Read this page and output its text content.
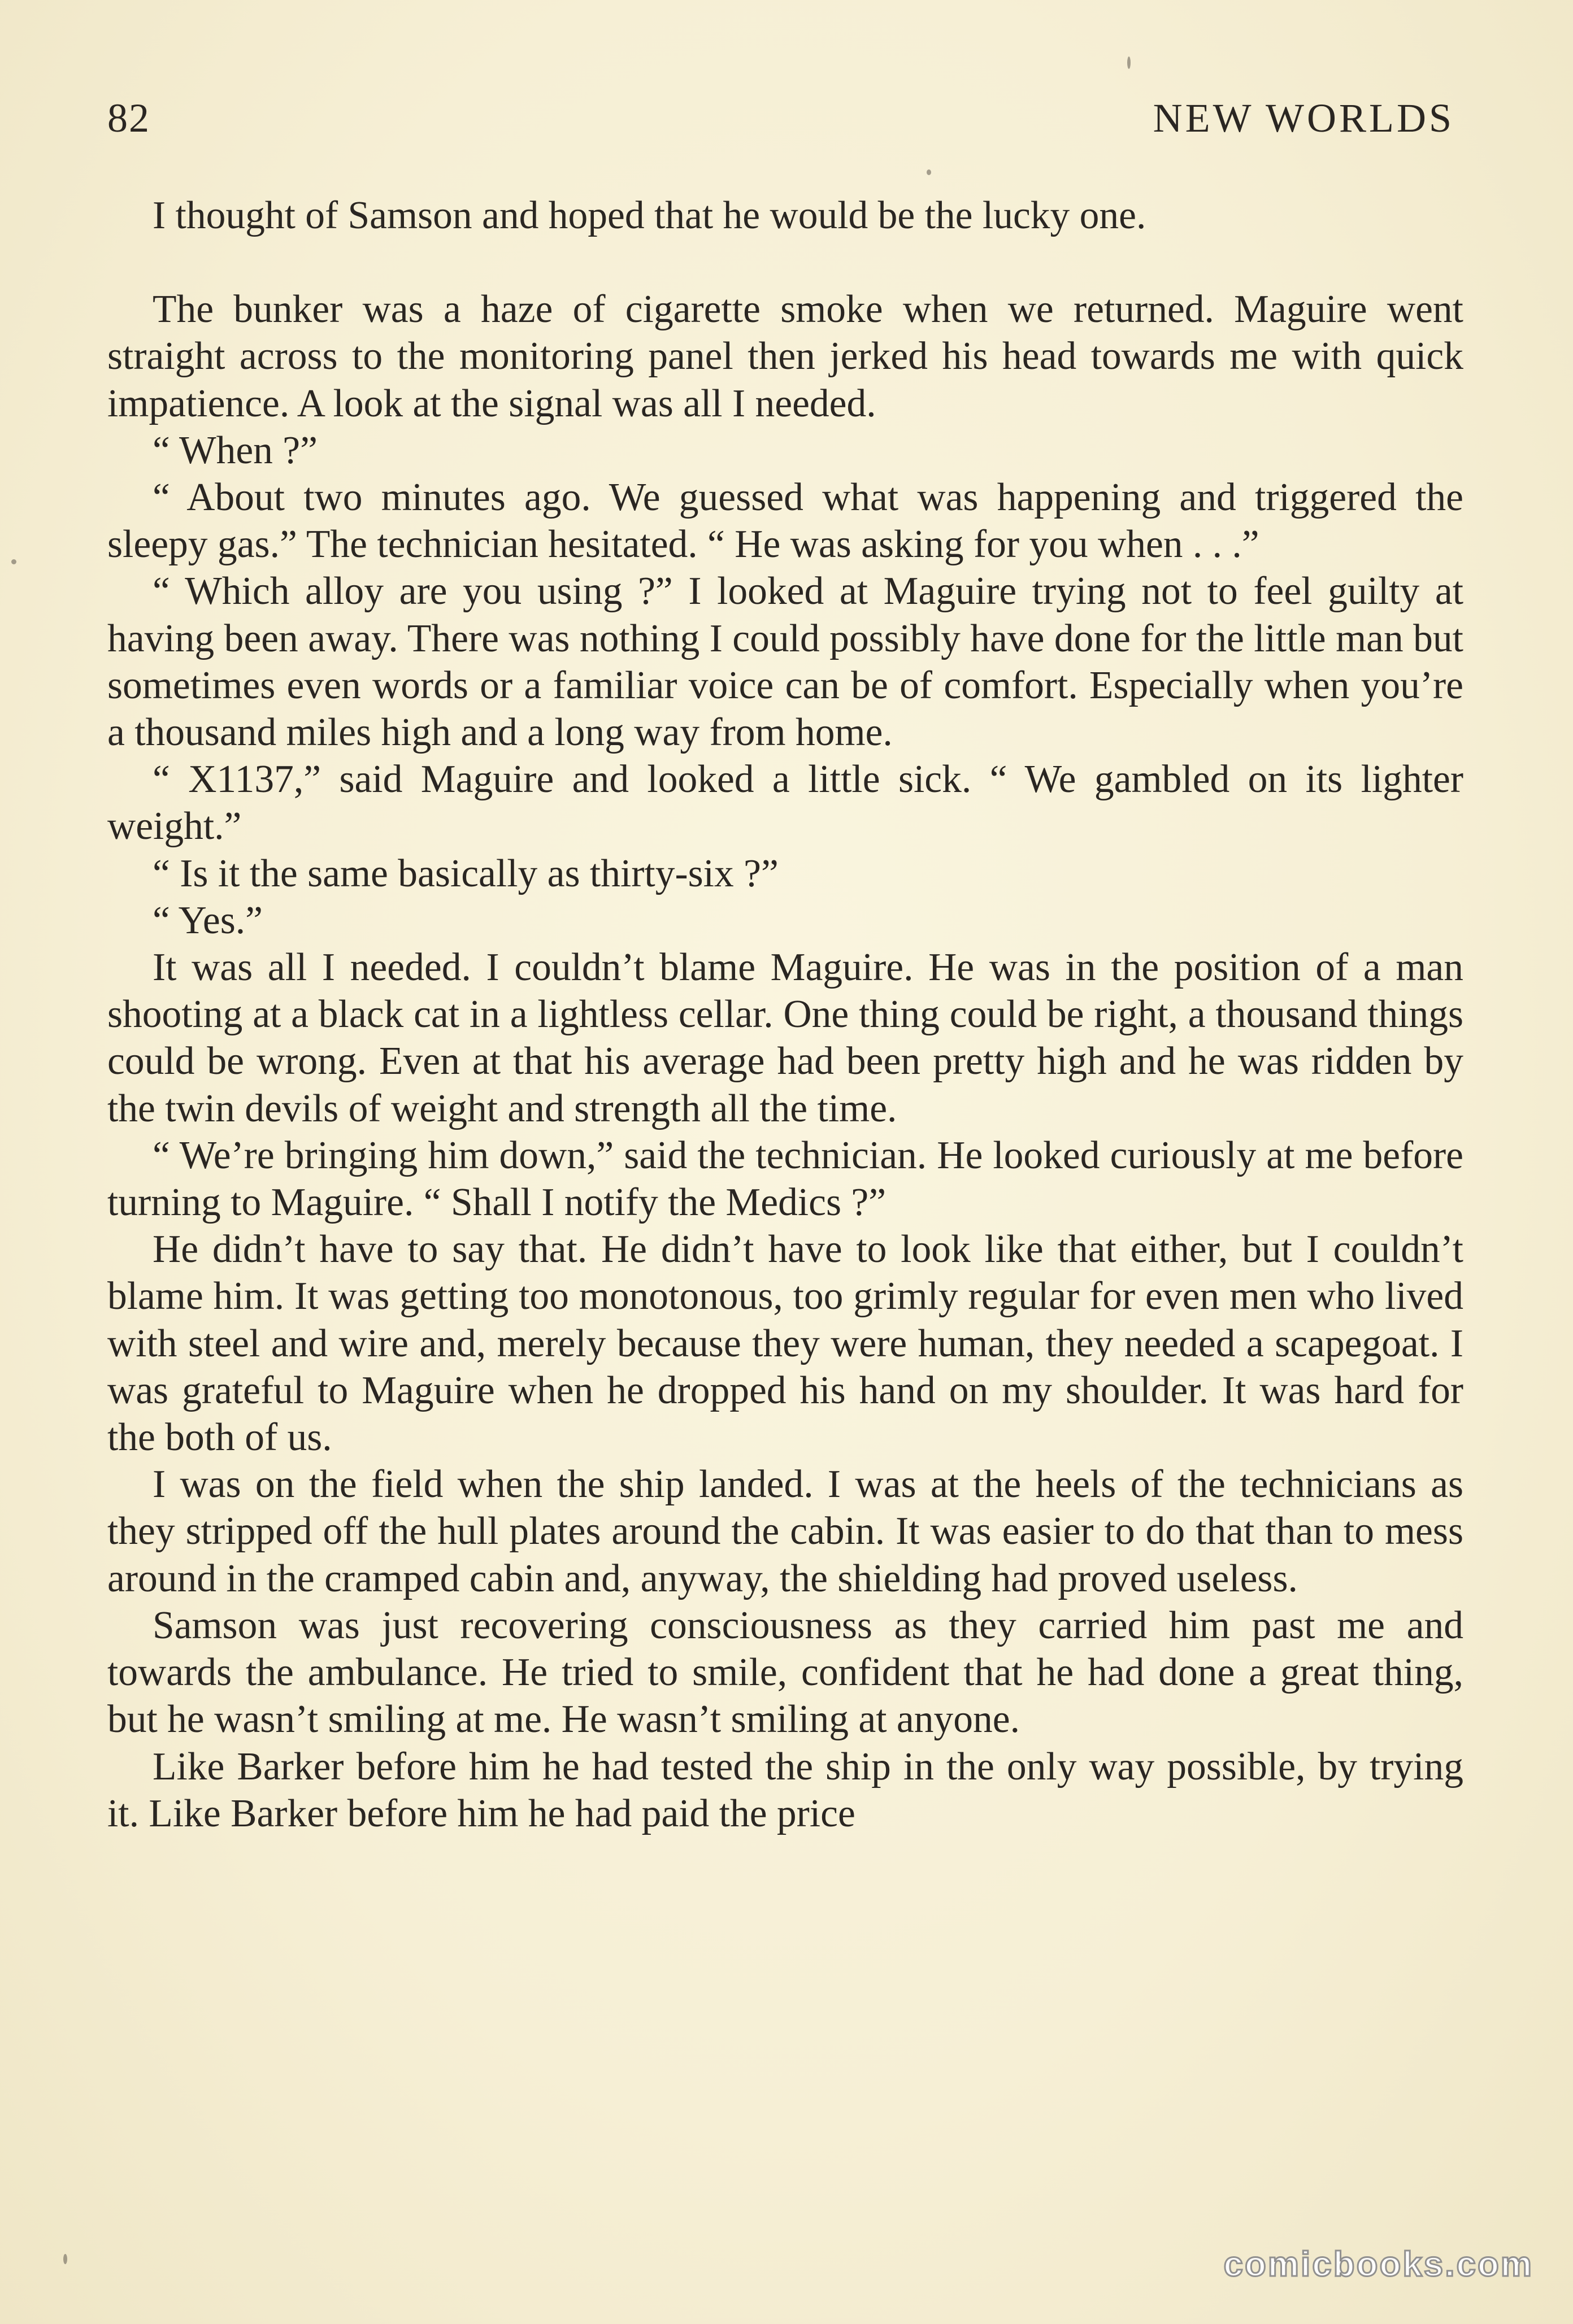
82	NEW WORLDS

I thought of Samson and hoped that he would be the lucky one.

The bunker was a haze of cigarette smoke when we returned. Maguire went straight across to the monitoring panel then jerked his head towards me with quick impatience. A look at the signal was all I needed.

“ When ?”

“ About two minutes ago. We guessed what was happening and triggered the sleepy gas.” The technician hesitated. “ He was asking for you when . . .”

“ Which alloy are you using ?” I looked at Maguire trying not to feel guilty at having been away. There was nothing I could possibly have done for the little man but sometimes even words or a familiar voice can be of comfort. Especially when you’re a thousand miles high and a long way from home.

“ X1137,” said Maguire and looked a little sick. “ We gambled on its lighter weight.”

“ Is it the same basically as thirty-six ?”

“ Yes.”

It was all I needed. I couldn’t blame Maguire. He was in the position of a man shooting at a black cat in a lightless cellar. One thing could be right, a thousand things could be wrong. Even at that his average had been pretty high and he was ridden by the twin devils of weight and strength all the time.

“ We’re bringing him down,” said the technician. He looked curiously at me before turning to Maguire. “ Shall I notify the Medics ?”

He didn’t have to say that. He didn’t have to look like that either, but I couldn’t blame him. It was getting too monotonous, too grimly regular for even men who lived with steel and wire and, merely because they were human, they needed a scapegoat. I was grateful to Maguire when he dropped his hand on my shoulder. It was hard for the both of us.

I was on the field when the ship landed. I was at the heels of the technicians as they stripped off the hull plates around the cabin. It was easier to do that than to mess around in the cramped cabin and, anyway, the shielding had proved useless.

Samson was just recovering consciousness as they carried him past me and towards the ambulance. He tried to smile, confident that he had done a great thing, but he wasn’t smiling at me. He wasn’t smiling at anyone.

Like Barker before him he had tested the ship in the only way possible, by trying it. Like Barker before him he had paid the price

comicbooks.com
